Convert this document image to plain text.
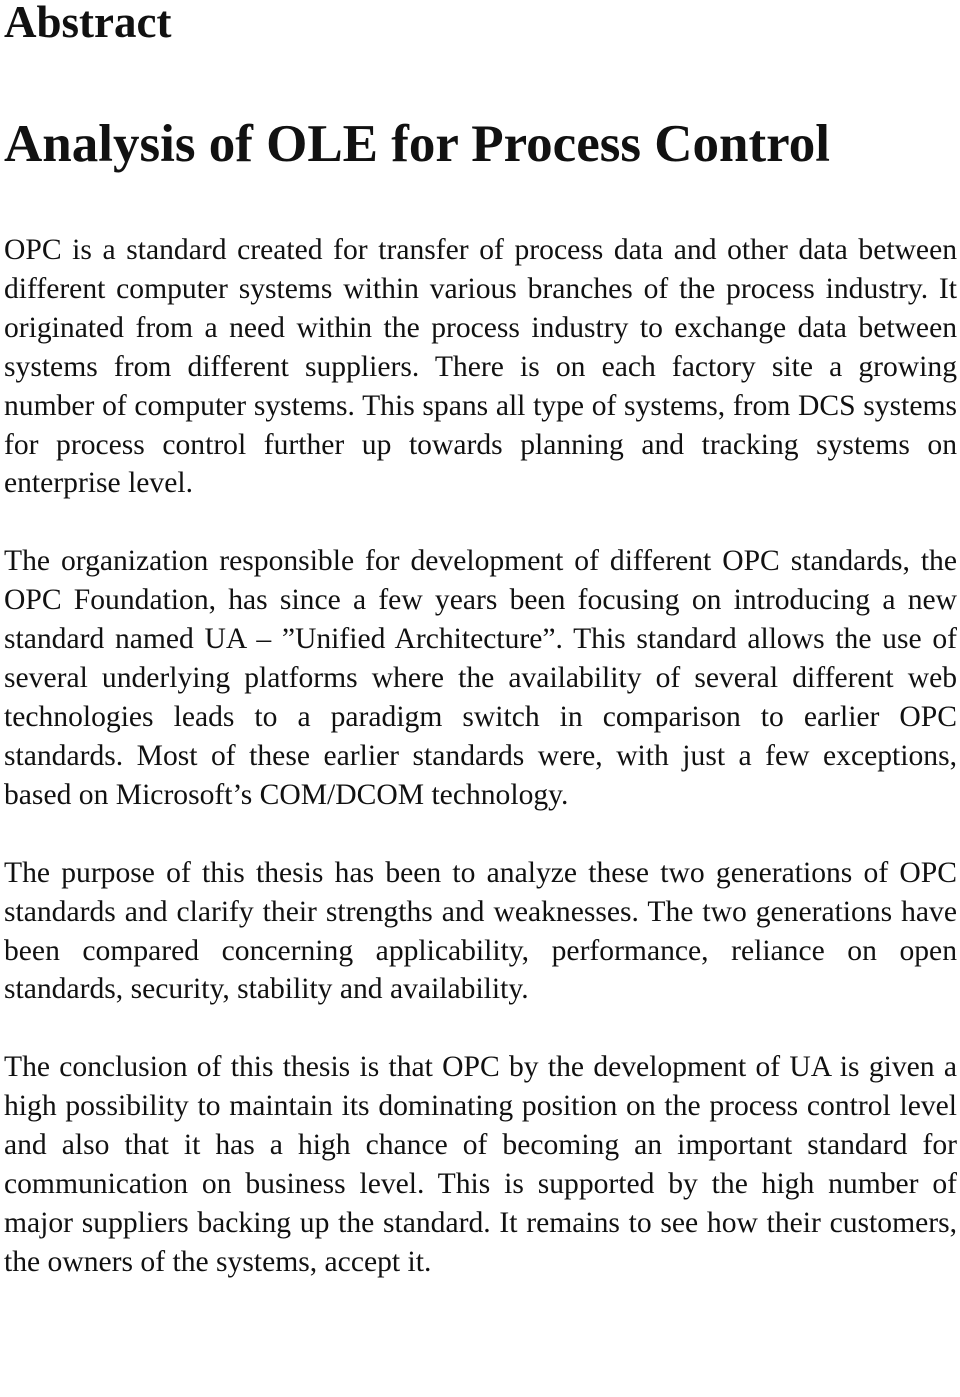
Abstract
Analysis of OLE for Process Control

OPC is a standard created for transfer of process data and other data between different computer systems within various branches of the process industry. It originated from a need within the process industry to exchange data between systems from different suppliers. There is on each factory site a growing number of computer systems. This spans all type of systems, from DCS systems for process control further up towards planning and tracking systems on enterprise level.

The organization responsible for development of different OPC standards, the OPC Foundation, has since a few years been focusing on introducing a new standard named UA – ”Unified Architecture”. This standard allows the use of several underlying platforms where the availability of several different web technologies leads to a paradigm switch in comparison to earlier OPC standards. Most of these earlier standards were, with just a few exceptions, based on Microsoft’s COM/DCOM technology.

The purpose of this thesis has been to analyze these two generations of OPC standards and clarify their strengths and weaknesses. The two generations have been compared concerning applicability, performance, reliance on open standards, security, stability and availability.

The conclusion of this thesis is that OPC by the development of UA is given a high possibility to maintain its dominating position on the process control level and also that it has a high chance of becoming an important standard for communication on business level. This is supported by the high number of major suppliers backing up the standard. It remains to see how their customers, the owners of the systems, accept it.
